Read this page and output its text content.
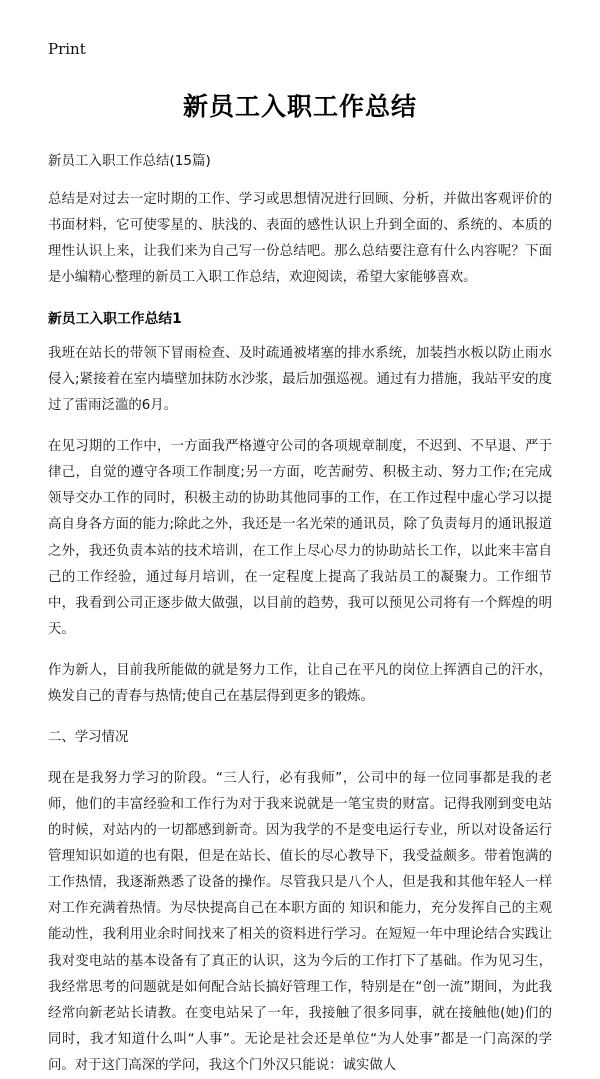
Print
新员工入职工作总结
新员工入职工作总结(15篇)

总结是对过去一定时期的工作、学习或思想情况进行回顾、分析，并做出客观评价的书面材料，它可使零星的、肤浅的、表面的感性认识上升到全面的、系统的、本质的理性认识上来，让我们来为自己写一份总结吧。那么总结要注意有什么内容呢？下面是小编精心整理的新员工入职工作总结，欢迎阅读，希望大家能够喜欢。

新员工入职工作总结1

我班在站长的带领下冒雨检查、及时疏通被堵塞的排水系统，加装挡水板以防止雨水侵入;紧接着在室内墙壁加抹防水沙浆，最后加强巡视。通过有力措施，我站平安的度过了雷雨泛滥的6月。

在见习期的工作中，一方面我严格遵守公司的各项规章制度，不迟到、不早退、严于律己，自觉的遵守各项工作制度;另一方面，吃苦耐劳、积极主动、努力工作;在完成领导交办工作的同时，积极主动的协助其他同事的工作，在工作过程中虚心学习以提高自身各方面的能力;除此之外，我还是一名光荣的通讯员，除了负责每月的通讯报道之外，我还负责本站的技术培训，在工作上尽心尽力的协助站长工作，以此来丰富自己的工作经验，通过每月培训，在一定程度上提高了我站员工的凝聚力。工作细节中，我看到公司正逐步做大做强，以目前的趋势，我可以预见公司将有一个辉煌的明天。

作为新人，目前我所能做的就是努力工作，让自己在平凡的岗位上挥洒自己的汗水，焕发自己的青春与热情;使自己在基层得到更多的锻炼。

二、学习情况

现在是我努力学习的阶段。“三人行，必有我师”，公司中的每一位同事都是我的老师，他们的丰富经验和工作行为对于我来说就是一笔宝贵的财富。记得我刚到变电站的时候，对站内的一切都感到新奇。因为我学的不是变电运行专业，所以对设备运行管理知识如道的也有限，但是在站长、值长的尽心教导下，我受益颇多。带着饱满的工作热情，我逐渐熟悉了设备的操作。尽管我只是八个人，但是我和其他年轻人一样对工作充满着热情。为尽快提高自己在本职方面的 知识和能力，充分发挥自己的主观能动性，我利用业余时间找来了相关的资料进行学习。在短短一年中理论结合实践让我对变电站的基本设备有了真正的认识，这为今后的工作打下了基础。作为见习生，我经常思考的问题就是如何配合站长搞好管理工作，特别是在“创一流”期间，为此我经常向新老站长请教。在变电站呆了一年，我接触了很多同事，就在接触他(她)们的同时，我才知道什么叫“人事”。无论是社会还是单位“为人处事”都是一门高深的学问。对于这门高深的学问，我这个门外汉只能说：诚实做人
